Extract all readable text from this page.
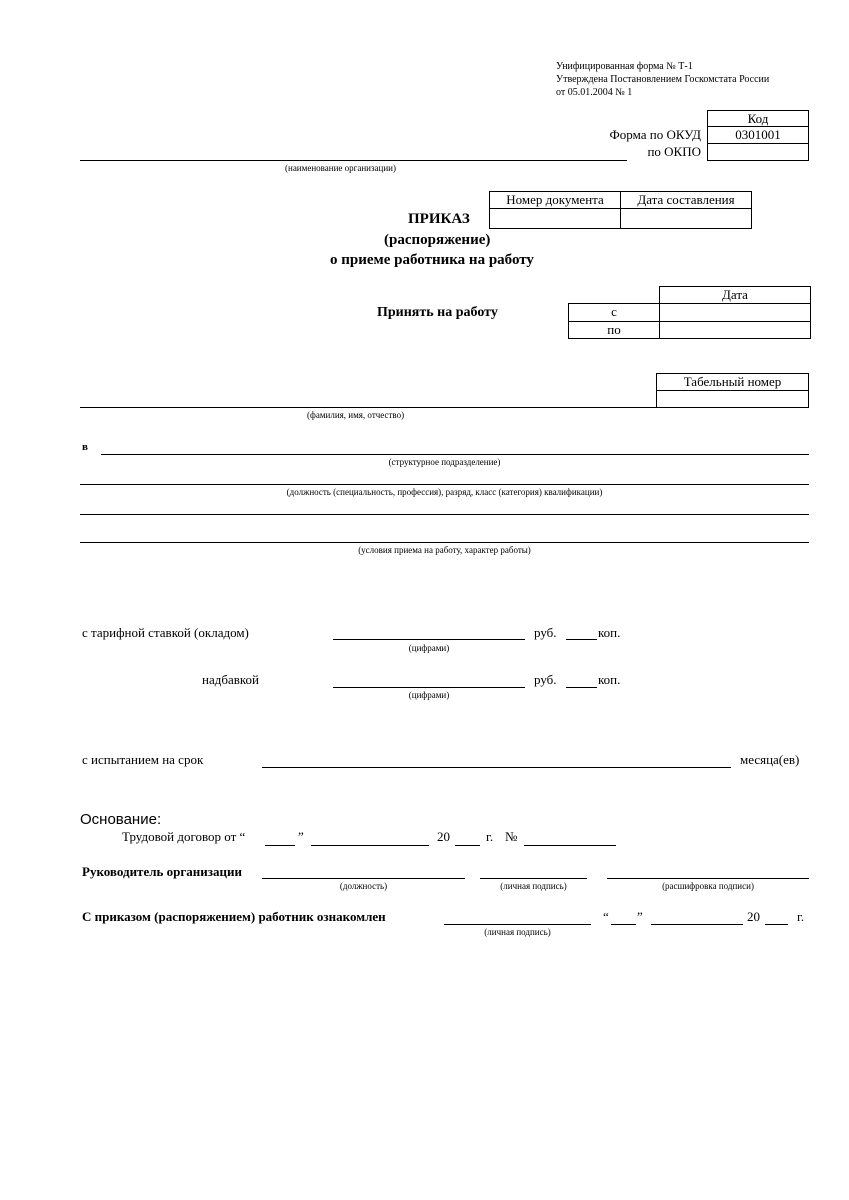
Унифицированная форма № Т-1
Утверждена Постановлением Госкомстата России
от 05.01.2004 № 1
Код
0301001
Форма по ОКУД
по ОКПО
(наименование организации)
Номер документа	Дата составления
ПРИКАЗ
(распоряжение)
о приеме работника на работу
Принять на работу
Дата
с
по
Табельный номер
(фамилия, имя, отчество)
в
(структурное подразделение)
(должность (специальность, профессия), разряд, класс (категория) квалификации)
(условия приема на работу, характер работы)
с тарифной ставкой (окладом)
(цифрами)
руб.	коп.
надбавкой
(цифрами)
руб.	коп.
с испытанием на срок	месяца(ев)
Основание:
Трудовой договор от “	”	20	г. №
Руководитель организации
(должность)	(личная подпись)	(расшифровка подписи)
С приказом (распоряжением) работник ознакомлен
(личная подпись)
“ ”	20	г.
